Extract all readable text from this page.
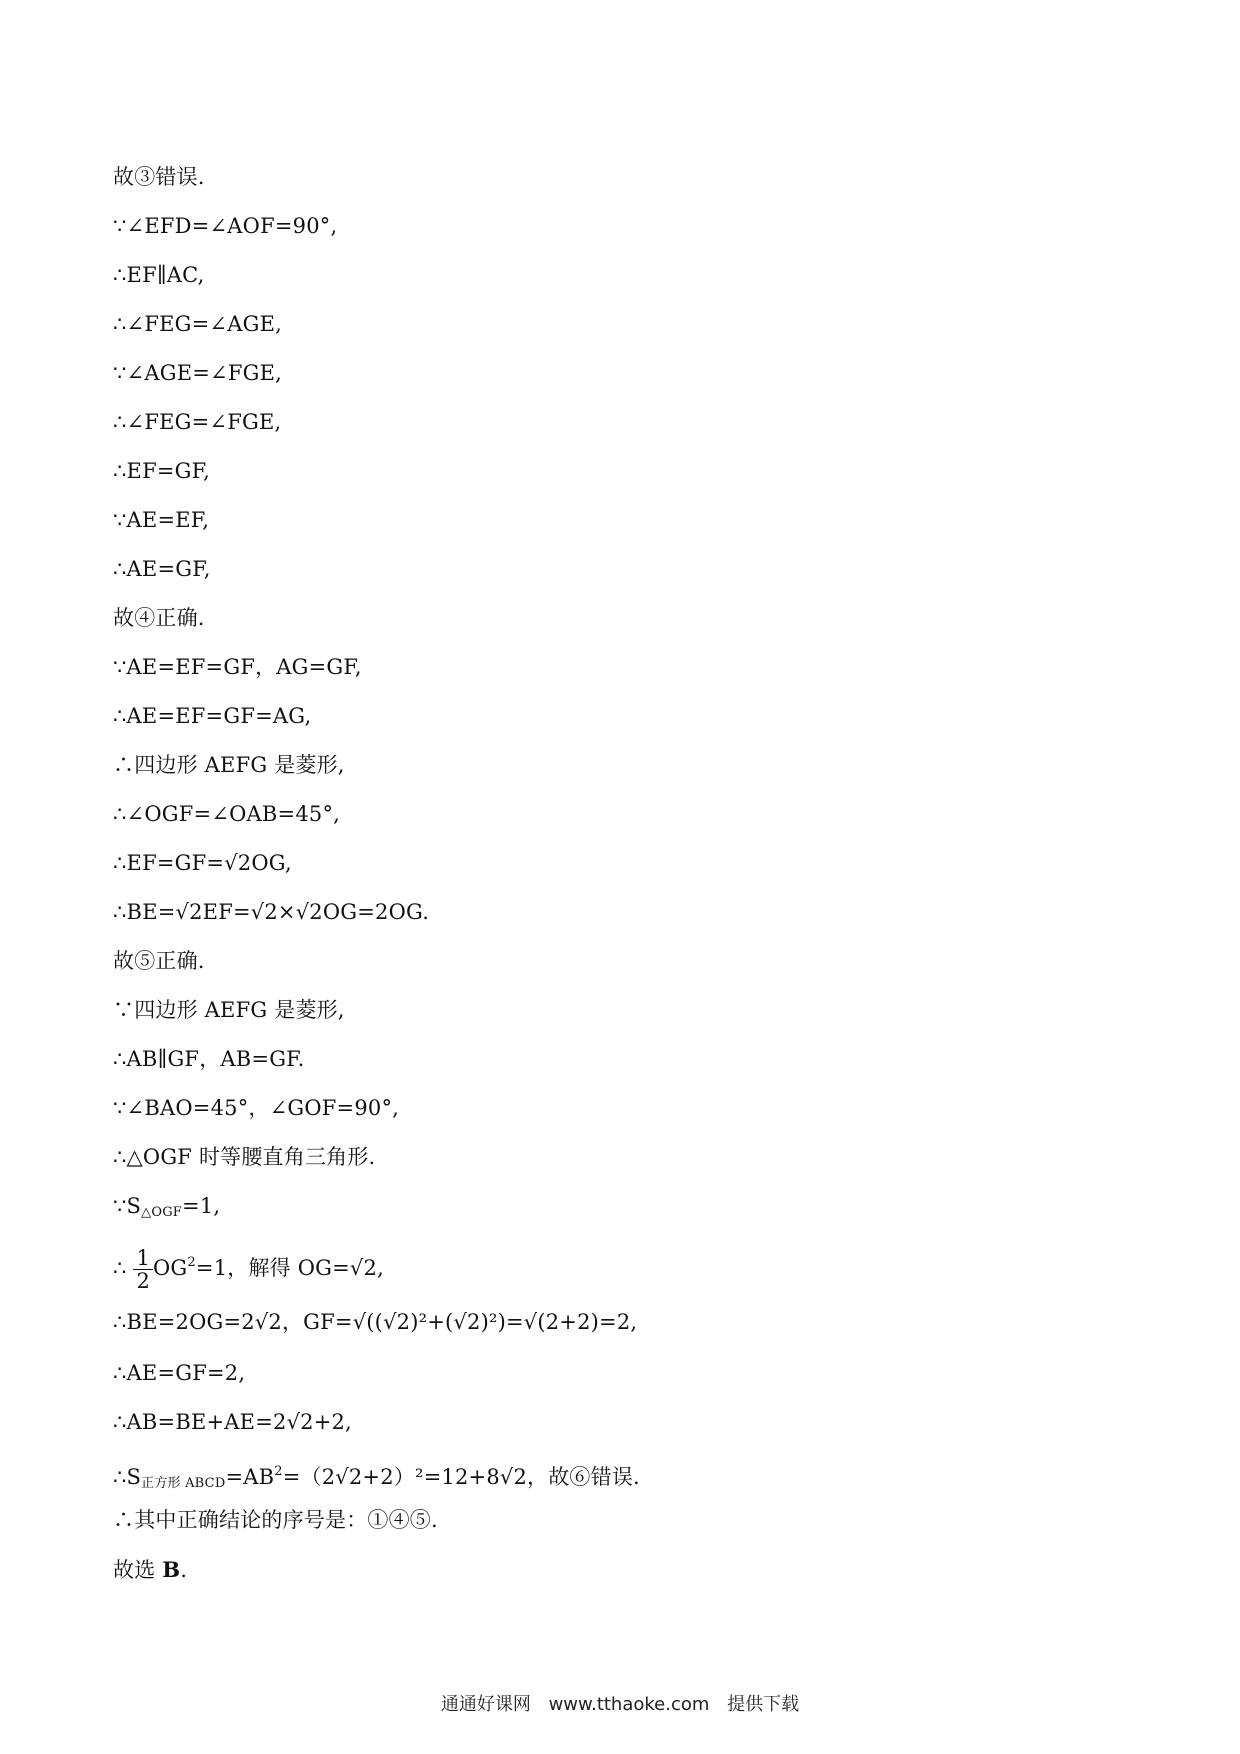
故③错误.
∵∠EFD=∠AOF=90°,
∴EF∥AC,
∴∠FEG=∠AGE,
∵∠AGE=∠FGE,
∴∠FEG=∠FGE,
∴EF=GF,
∵AE=EF,
∴AE=GF,
故④正确.
∵AE=EF=GF，AG=GF,
∴AE=EF=GF=AG,
∴四边形 AEFG 是菱形,
∴∠OGF=∠OAB=45°,
∴EF=GF=√2OG,
∴BE=√2EF=√2×√2OG=2OG.
故⑤正确.
∵四边形 AEFG 是菱形,
∴AB∥GF，AB=GF.
∵∠BAO=45°，∠GOF=90°,
∴△OGF 时等腰直角三角形.
$\because S_{\triangle OGF}=1$,
∴ $\frac{1}{2} OG^2=1$，解得 OG=√2,
∴BE=2OG=2√2，GF=√((√2)²+(√2)²)=√(2+2)=2,
∴AE=GF=2,
∴AB=BE+AE=2√2+2,
$\therefore S_{正方形 ABCD}=AB^2=(2√2+2)^2=12+8√2$，故⑥错误.
∴其中正确结论的序号是：①④⑤.
故选 B.
通通好课网 www.tthaoke.com 提供下载
